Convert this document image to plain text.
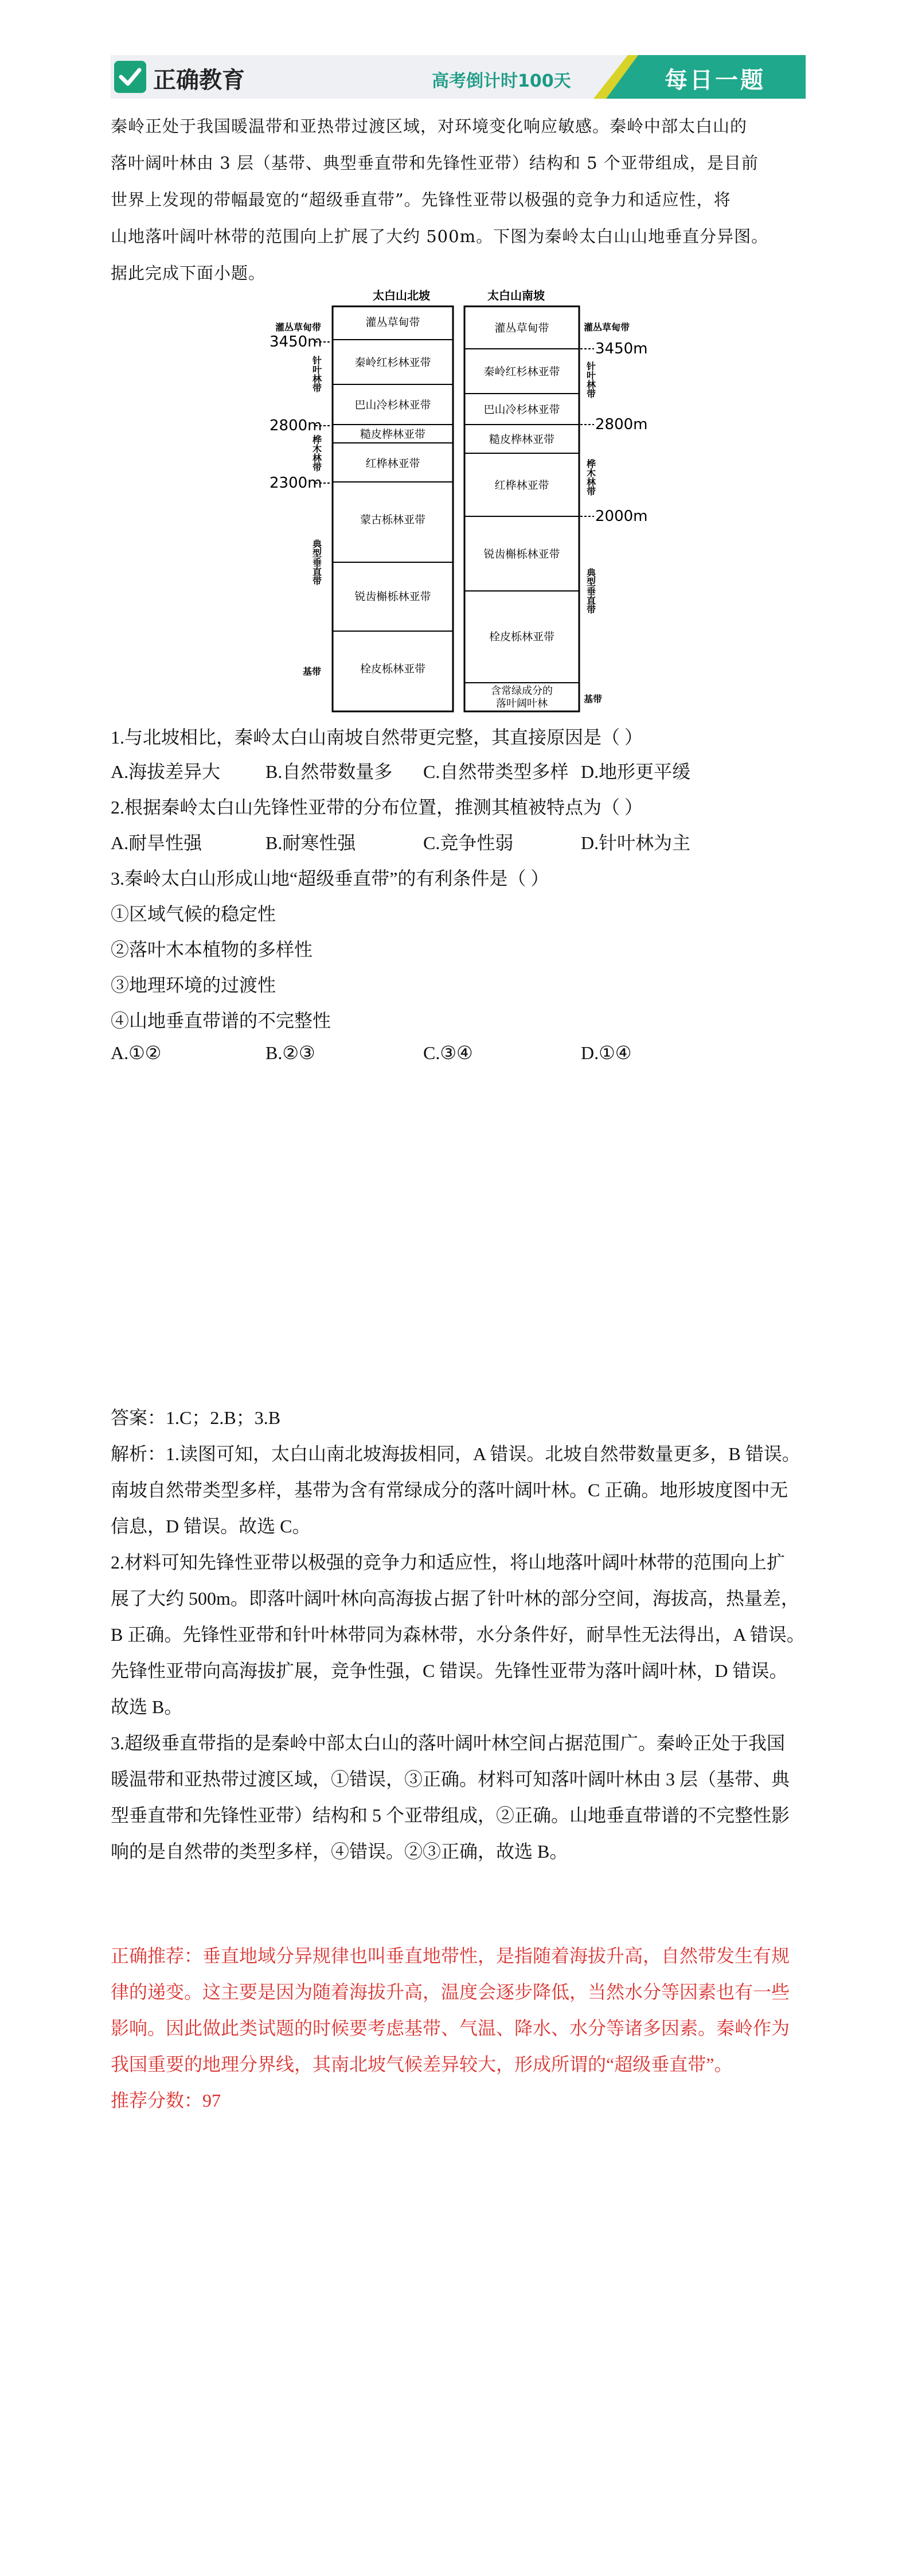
正确教育	高考倒计时100天	每日一题

秦岭正处于我国暖温带和亚热带过渡区域，对环境变化响应敏感。秦岭中部太白山的

落叶阔叶林由 3 层（基带、典型垂直带和先锋性亚带）结构和 5 个亚带组成，是目前

世界上发现的带幅最宽的“超级垂直带”。先锋性亚带以极强的竞争力和适应性，将

山地落叶阔叶林带的范围向上扩展了大约 500m。下图为秦岭太白山山地垂直分异图。

据此完成下面小题。

太白山北坡	太白山南坡
灌丛草甸带
秦岭红杉林亚带
巴山冷杉林亚带
糙皮桦林亚带
红桦林亚带
蒙古栎林亚带
锐齿槲栎林亚带
栓皮栎林亚带
灌丛草甸带
秦岭红杉林亚带
巴山冷杉林亚带
糙皮桦林亚带
红桦林亚带
锐齿槲栎林亚带
栓皮栎林亚带
含常绿成分的
落叶阔叶林
3450m
2800m
2300m
灌丛草甸带
针叶林带
桦木林带
典型垂直带
基带
3450m
2800m
2000m
灌丛草甸带
针叶林带
桦木林带
典型垂直带
基带
1.与北坡相比，秦岭太白山南坡自然带更完整，其直接原因是（ ）
A.海拔差异大 B.自然带数量多 C.自然带类型多样 D.地形更平缓
2.根据秦岭太白山先锋性亚带的分布位置，推测其植被特点为（ ）
A.耐旱性强	B.耐寒性强	C.竞争性弱	D.针叶林为主
3.秦岭太白山形成山地“超级垂直带”的有利条件是（ ）
①区域气候的稳定性
②落叶木本植物的多样性
③地理环境的过渡性
④山地垂直带谱的不完整性
A.①②	B.②③	C.③④	D.①④

答案：1.C；2.B；3.B

解析：1.读图可知，太白山南北坡海拔相同，A 错误。北坡自然带数量更多，B 错误。

南坡自然带类型多样，基带为含有常绿成分的落叶阔叶林。C 正确。地形坡度图中无

信息，D 错误。故选 C。

2.材料可知先锋性亚带以极强的竞争力和适应性，将山地落叶阔叶林带的范围向上扩

展了大约 500m。即落叶阔叶林向高海拔占据了针叶林的部分空间，海拔高，热量差，

B 正确。先锋性亚带和针叶林带同为森林带，水分条件好，耐旱性无法得出，A 错误。

先锋性亚带向高海拔扩展，竞争性强，C 错误。先锋性亚带为落叶阔叶林，D 错误。

故选 B。

3.超级垂直带指的是秦岭中部太白山的落叶阔叶林空间占据范围广。秦岭正处于我国

暖温带和亚热带过渡区域，①错误，③正确。材料可知落叶阔叶林由 3 层（基带、典

型垂直带和先锋性亚带）结构和 5 个亚带组成，②正确。山地垂直带谱的不完整性影

响的是自然带的类型多样，④错误。②③正确，故选 B。

正确推荐：垂直地域分异规律也叫垂直地带性，是指随着海拔升高，自然带发生有规

律的递变。这主要是因为随着海拔升高，温度会逐步降低，当然水分等因素也有一些

影响。因此做此类试题的时候要考虑基带、气温、降水、水分等诸多因素。秦岭作为

我国重要的地理分界线，其南北坡气候差异较大，形成所谓的“超级垂直带”。

推荐分数：97
